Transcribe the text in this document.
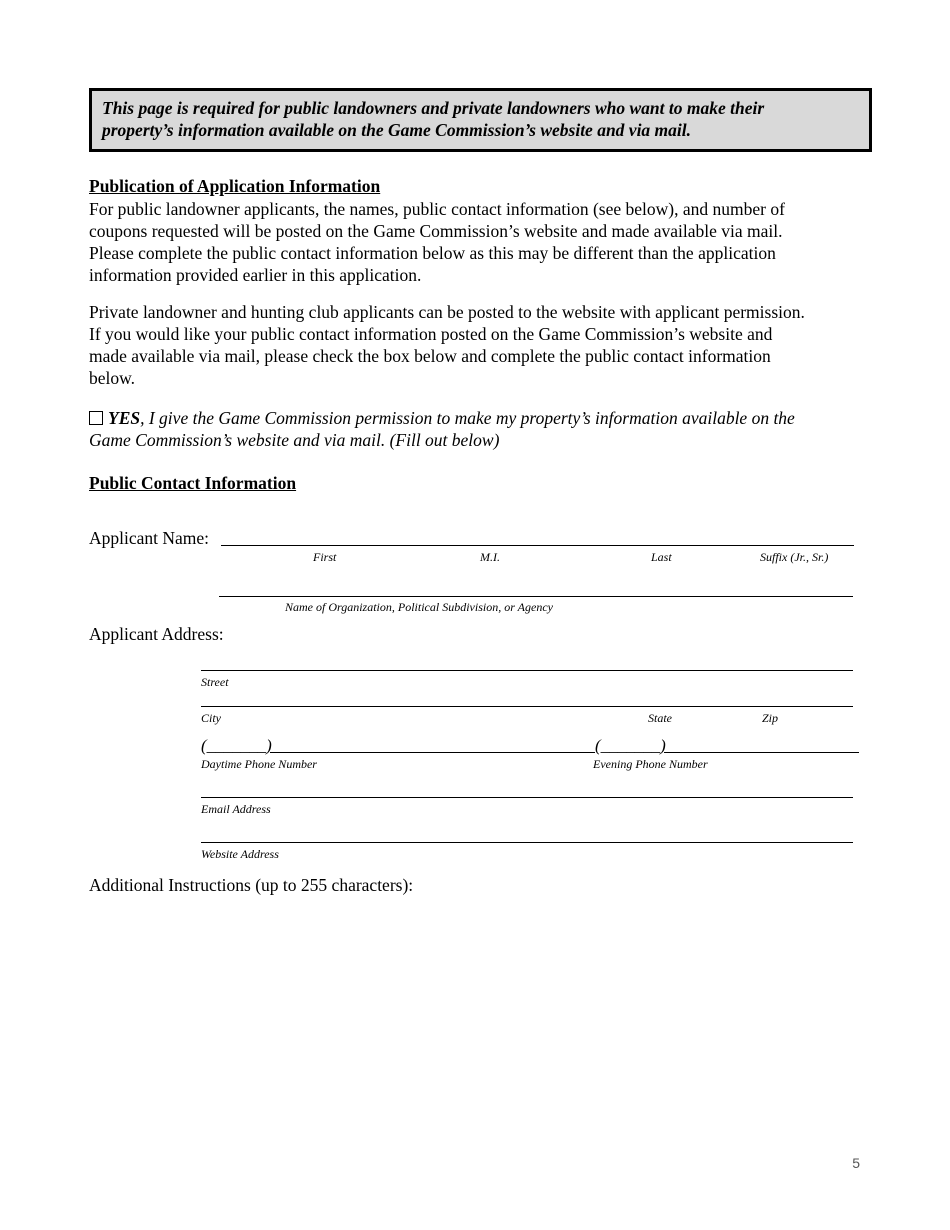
This page is required for public landowners and private landowners who want to make their
property’s information available on the Game Commission’s website and via mail.
Publication of Application Information
For public landowner applicants, the names, public contact information (see below), and number of
coupons requested will be posted on the Game Commission’s website and made available via mail.
Please complete the public contact information below as this may be different than the application
information provided earlier in this application.
Private landowner and hunting club applicants can be posted to the website with applicant permission.
If you would like your public contact information posted on the Game Commission’s website and
made available via mail, please check the box below and complete the public contact information
below.
YES, I give the Game Commission permission to make my property’s information available on the
Game Commission’s website and via mail. (Fill out below)
Public Contact Information
Applicant Name:
First	M.I.	Last	Suffix (Jr., Sr.)
Name of Organization, Political Subdivision, or Agency
Applicant Address:
Street
City	State	Zip
(_______)	(_______)
Daytime Phone Number	Evening Phone Number
Email Address
Website Address
Additional Instructions (up to 255 characters):
5
